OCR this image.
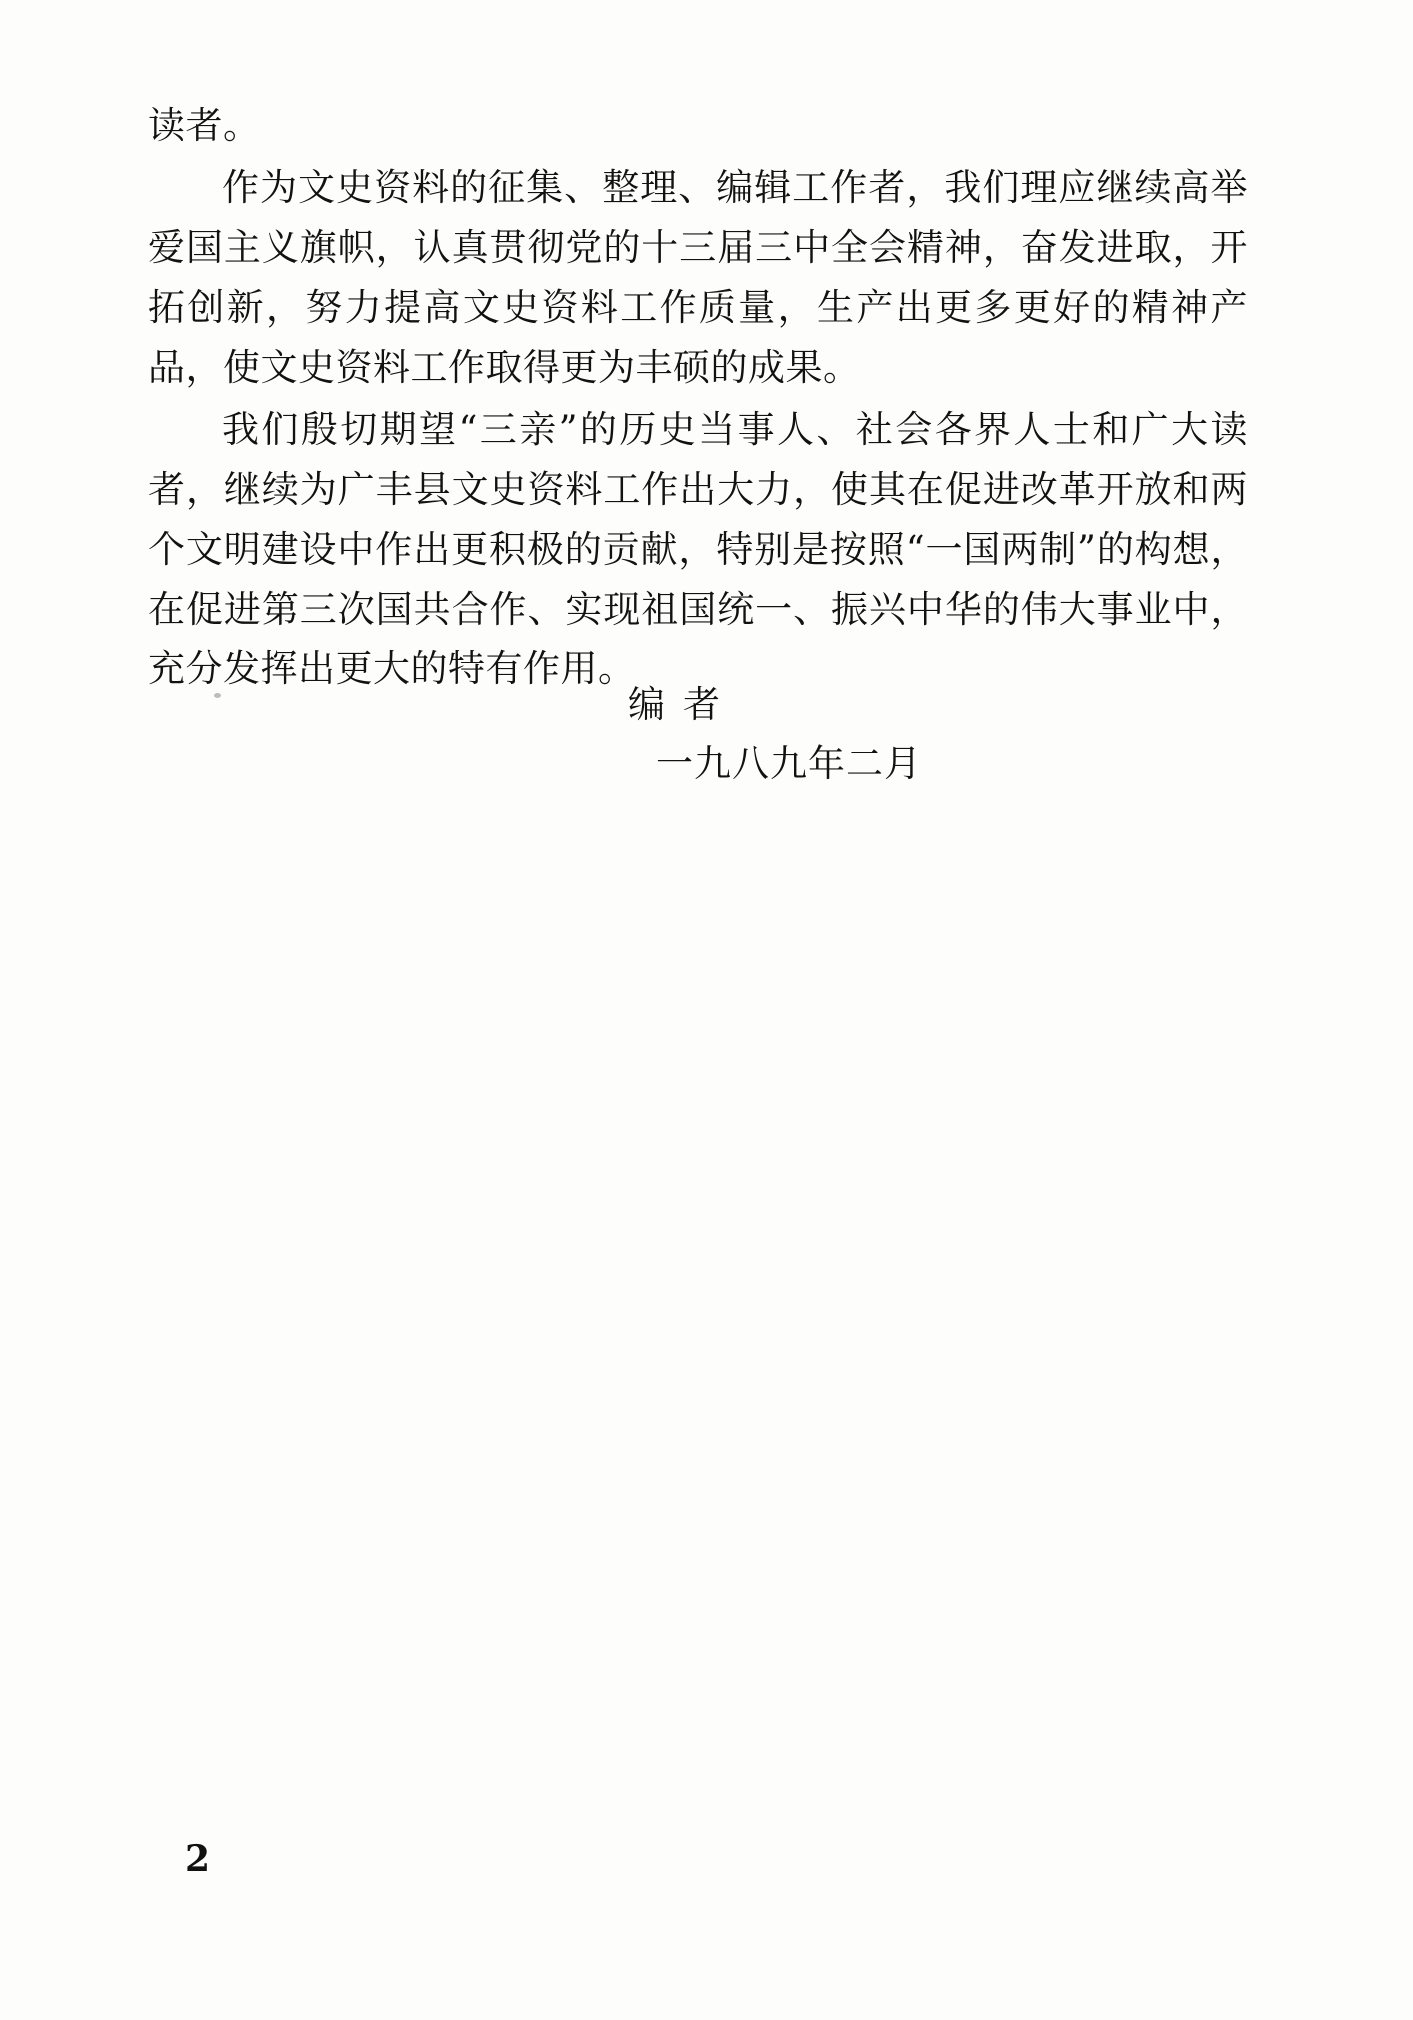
读者。

作为文史资料的征集、整理、编辑工作者，我们理应继续高举爱国主义旗帜，认真贯彻党的十三届三中全会精神，奋发进取，开拓创新，努力提高文史资料工作质量，生产出更多更好的精神产品，使文史资料工作取得更为丰硕的成果。

我们殷切期望“三亲”的历史当事人、社会各界人士和广大读者，继续为广丰县文史资料工作出大力，使其在促进改革开放和两个文明建设中作出更积极的贡献，特别是按照“一国两制”的构想，在促进第三次国共合作、实现祖国统一、振兴中华的伟大事业中，充分发挥出更大的特有作用。

编者
一九八九年二月
2
